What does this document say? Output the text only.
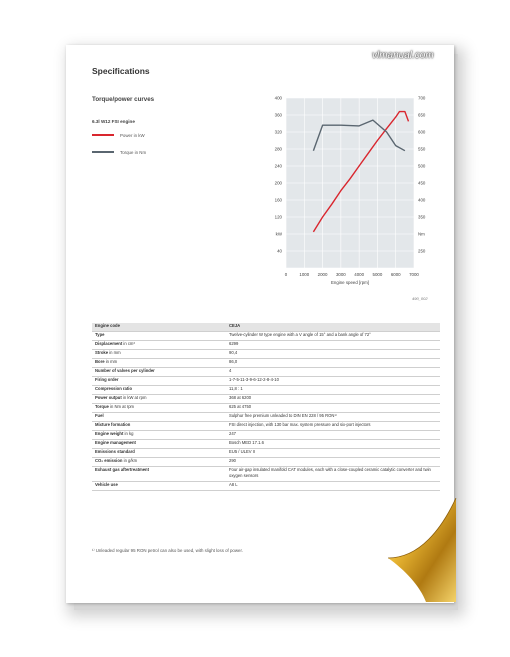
vlmanual.com
Specifications
Torque/power curves
6.3l W12 FSI engine
Power in kW
Torque in Nm
0	1000 2000 3000 4000 5000 6000 7000
400	700
360	650
320	600
280	550
240	500
200	450
160	400
120	350
kW	Nm
40	250
Engine speed [rpm]
490_002
Engine code	CEJA
Type	Twelve-cylinder W type engine with a V angle of 15° and a bank angle of 72°
Displacement in cm³	6299
Stroke in mm	90,4
Bore in mm	86,0
Number of valves per cylinder	4
Firing order	1-7-5-11-3-9-6-12-2-8-4-10
Compression ratio	11,8 : 1
Power output in kW at rpm	368 at 6200
Torque in Nm at rpm	625 at 4750
Fuel	Sulphur free premium unleaded to DIN EN 228 / 95 RON¹⁾
Mixture formation	FSI direct injection, with 130 bar max. system pressure and six-port injectors
Engine weight in kg	247
Engine management	Bosch MED 17.1.6
Emissions standard	EU5 / ULEV II
CO₂ emission in g/km	290
Exhaust gas aftertreatment	Four air-gap insulated manifold CAT modules, each with a close-coupled ceramic catalytic converter and twin oxygen sensors
Vehicle use	A8 L
¹⁾ Unleaded regular 95 RON petrol can also be used, with slight loss of power.
